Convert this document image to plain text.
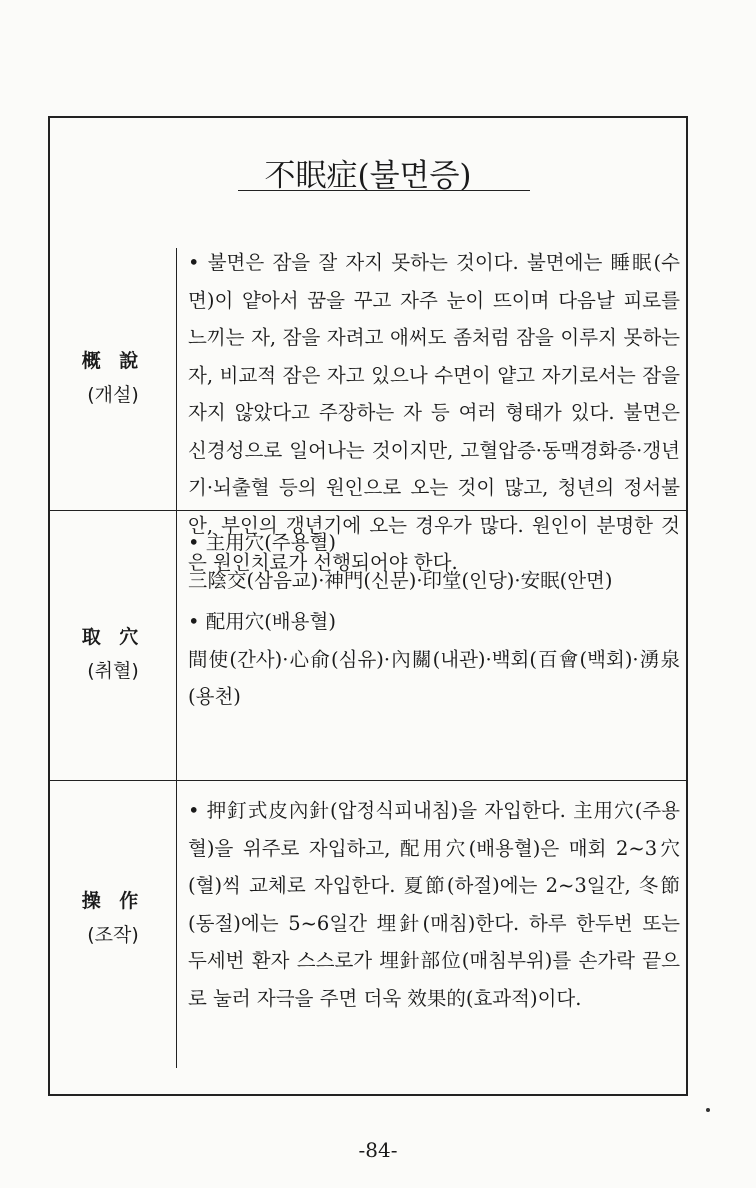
不眠症(불면증)
概 說
(개설)

• 불면은 잠을 잘 자지 못하는 것이다. 불면에는 睡眠(수면)이 얕아서 꿈을 꾸고 자주 눈이 뜨이며 다음날 피로를 느끼는 자, 잠을 자려고 애써도 좀처럼 잠을 이루지 못하는 자, 비교적 잠은 자고 있으나 수면이 얕고 자기로서는 잠을 자지 않았다고 주장하는 자 등 여러 형태가 있다. 불면은 신경성으로 일어나는 것이지만, 고혈압증·동맥경화증·갱년기·뇌출혈 등의 원인으로 오는 것이 많고, 청년의 정서불안, 부인의 갱년기에 오는 경우가 많다. 원인이 분명한 것은 원인치료가 선행되어야 한다.

取 穴
(취혈)

• 主用穴(주용혈)

三陰交(삼음교)·神門(신문)·印堂(인당)·安眠(안면)

• 配用穴(배용혈)

間使(간사)·心俞(심유)·內關(내관)·백회(百會(백회)·湧泉(용천)

操 作
(조작)

• 押釘式皮內針(압정식피내침)을 자입한다. 主用穴(주용혈)을 위주로 자입하고, 配用穴(배용혈)은 매회 2~3穴(혈)씩 교체로 자입한다. 夏節(하절)에는 2~3일간, 冬節(동절)에는 5~6일간 埋針(매침)한다. 하루 한두번 또는 두세번 환자 스스로가 埋針部位(매침부위)를 손가락 끝으로 눌러 자극을 주면 더욱 效果的(효과적)이다.

-84-
